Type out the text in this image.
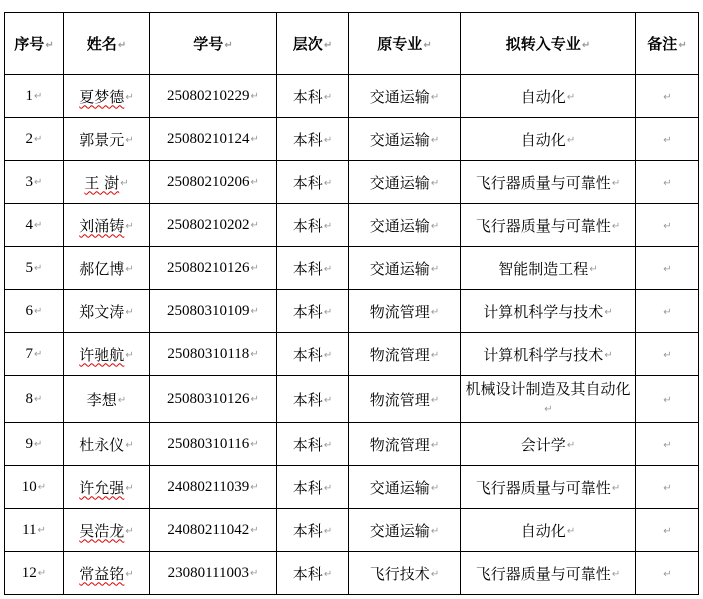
序号↵	姓名↵	学号↵	层次↵	原专业↵	拟转入专业↵	备注↵
1↵	夏梦德↵	25080210229↵	本科↵	交通运输↵	自动化↵	↵
2↵	郭景元↵	25080210124↵	本科↵	交通运输↵	自动化↵	↵
3↵	王 澍↵	25080210206↵	本科↵	交通运输↵	飞行器质量与可靠性↵	↵
4↵	刘涌铸↵	25080210202↵	本科↵	交通运输↵	飞行器质量与可靠性↵	↵
5↵	郝亿博↵	25080210126↵	本科↵	交通运输↵	智能制造工程↵	↵
6↵	郑文涛↵	25080310109↵	本科↵	物流管理↵	计算机科学与技术↵	↵
7↵	许驰航↵	25080310118↵	本科↵	物流管理↵	计算机科学与技术↵	↵
8↵	李想↵	25080310126↵	本科↵	物流管理↵	机械设计制造及其自动化↵	↵
9↵	杜永仪↵	25080310116↵	本科↵	物流管理↵	会计学↵	↵
10↵	许允强↵	24080211039↵	本科↵	交通运输↵	飞行器质量与可靠性↵	↵
11↵	吴浩龙↵	24080211042↵	本科↵	交通运输↵	自动化↵	↵
12↵	常益铭↵	23080111003↵	本科↵	飞行技术↵	飞行器质量与可靠性↵	↵
